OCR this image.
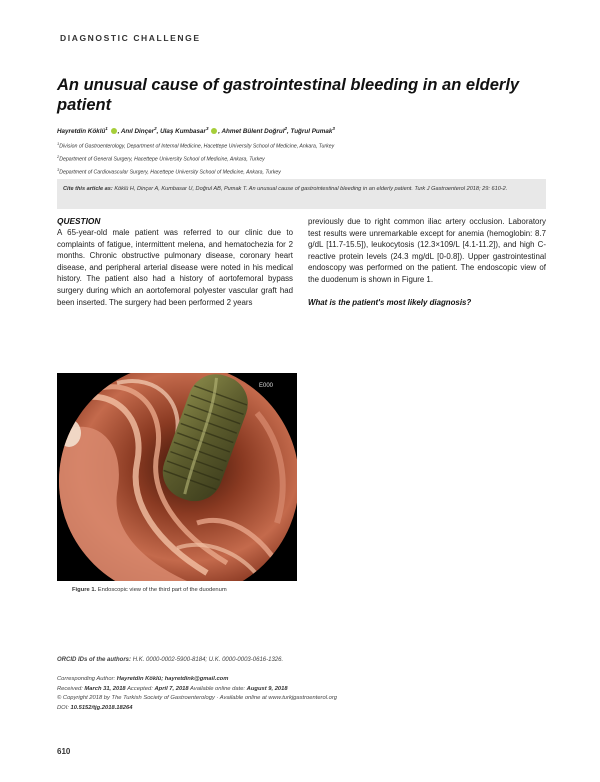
DIAGNOSTIC CHALLENGE
An unusual cause of gastrointestinal bleeding in an elderly patient
Hayretdin Köklü$^1$ , Anıl Dinçer$^2$, Ulaş Kumbasar$^3$ , Ahmet Bülent Doğrul$^2$, Tuğrul Pumak$^3$
$^1$Division of Gastroenterology, Department of Internal Medicine, Hacettepe University School of Medicine, Ankara, Turkey
$^2$Department of General Surgery, Hacettepe University School of Medicine, Ankara, Turkey
$^3$Department of Cardiovascular Surgery, Hacettepe University School of Medicine, Ankara, Turkey
Cite this article as: Köklü H, Dinçer A, Kumbasar U, Doğrul AB, Pumak T. An unusual cause of gastrointestinal bleeding in an elderly patient. Turk J Gastroenterol 2018; 29: 610-2.
QUESTION

A 65-year-old male patient was referred to our clinic due to complaints of fatigue, intermittent melena, and hematochezia for 2 months. Chronic obstructive pulmonary disease, coronary heart disease, and peripheral arterial disease were noted in his medical history. The patient also had a history of aortofemoral bypass surgery during which an aortofemoral polyester vascular graft had been inserted. The surgery had been performed 2 years

previously due to right common iliac artery occlusion. Laboratory test results were unremarkable except for anemia (hemoglobin: 8.7 g/dL [11.7-15.5]), leukocytosis (12.3×109/L [4.1-11.2]), and high C-reactive protein levels (24.3 mg/dL [0-0.8]). Upper gastrointestinal endoscopy was performed on the patient. The endoscopic view of the duodenum is shown in Figure 1.

What is the patient's most likely diagnosis?

E000
Figure 1. Endoscopic view of the third part of the duodenum
ORCID IDs of the authors: H.K. 0000-0002-5900-8184; U.K. 0000-0003-0616-1326.
Corresponding Author: Hayretdin Köklü; hayretdink@gmail.com
Received: March 31, 2018 Accepted: April 7, 2018 Available online date: August 9, 2018
© Copyright 2018 by The Turkish Society of Gastroenterology · Available online at www.turkjgastroenterol.org
DOI: 10.5152/tjg.2018.18264
610
